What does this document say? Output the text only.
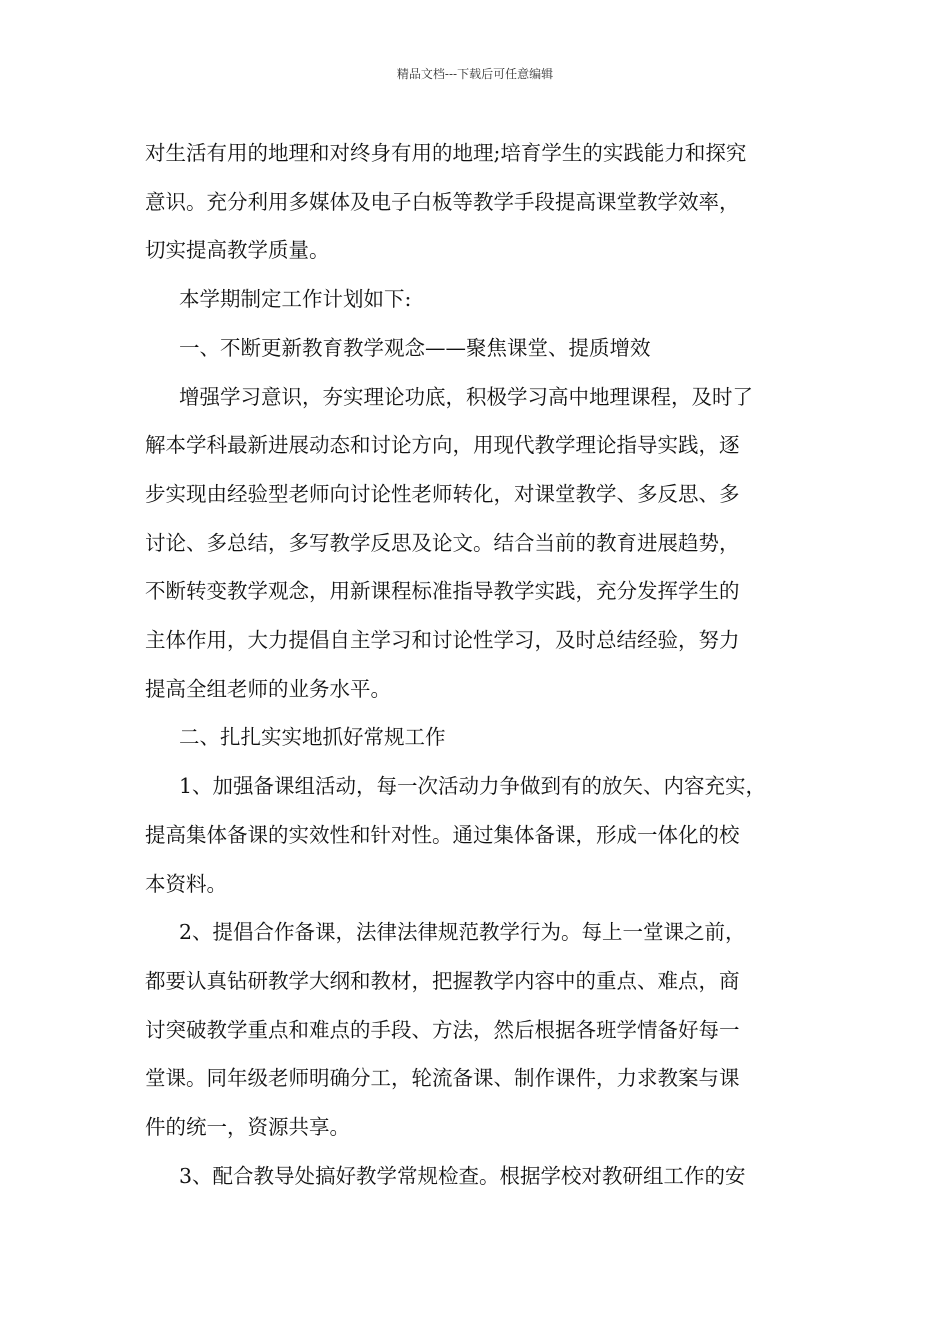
精品文档---下载后可任意编辑

对生活有用的地理和对终身有用的地理;培育学生的实践能力和探究

意识。充分利用多媒体及电子白板等教学手段提高课堂教学效率，

切实提高教学质量。

本学期制定工作计划如下:

一、不断更新教育教学观念——聚焦课堂、提质增效

增强学习意识，夯实理论功底，积极学习高中地理课程，及时了

解本学科最新进展动态和讨论方向，用现代教学理论指导实践，逐

步实现由经验型老师向讨论性老师转化，对课堂教学、多反思、多

讨论、多总结，多写教学反思及论文。结合当前的教育进展趋势，

不断转变教学观念，用新课程标准指导教学实践，充分发挥学生的

主体作用，大力提倡自主学习和讨论性学习，及时总结经验，努力

提高全组老师的业务水平。

二、扎扎实实地抓好常规工作

1、加强备课组活动，每一次活动力争做到有的放矢、内容充实，

提高集体备课的实效性和针对性。通过集体备课，形成一体化的校

本资料。

2、提倡合作备课，法律法律规范教学行为。每上一堂课之前，

都要认真钻研教学大纲和教材，把握教学内容中的重点、难点，商

讨突破教学重点和难点的手段、方法，然后根据各班学情备好每一

堂课。同年级老师明确分工，轮流备课、制作课件，力求教案与课

件的统一，资源共享。

3、配合教导处搞好教学常规检查。根据学校对教研组工作的安
